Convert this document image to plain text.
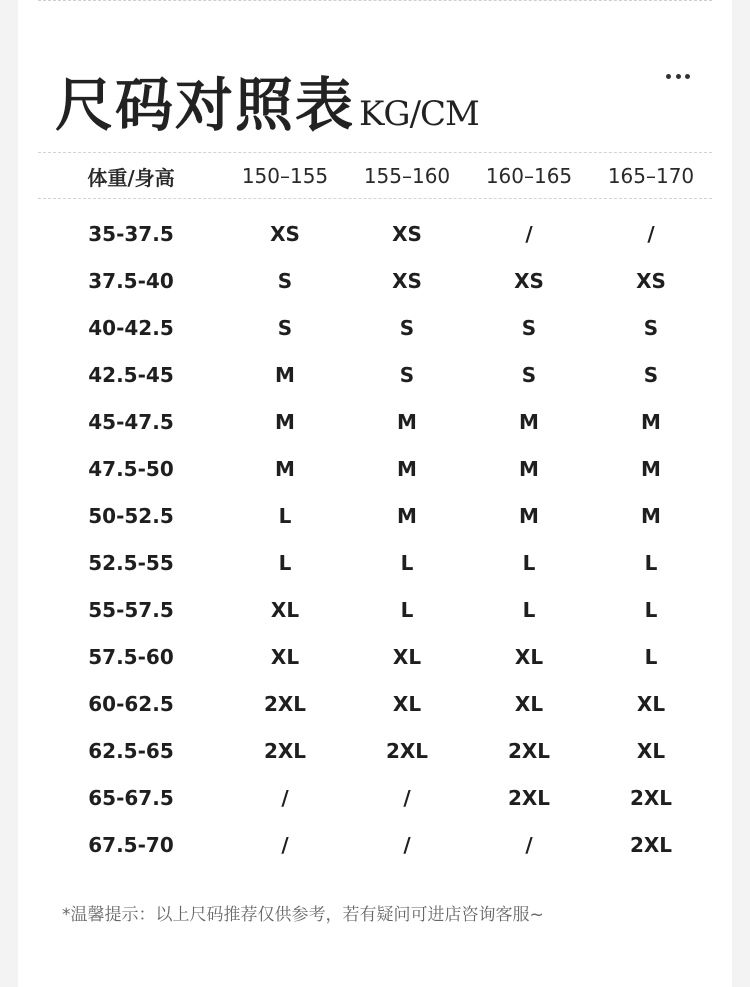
尺码对照表 KG/CM
体重/身高	150–155	155–160	160–165	165–170
35-37.5	XS	XS	/	/
37.5-40	S	XS	XS	XS
40-42.5	S	S	S	S
42.5-45	M	S	S	S
45-47.5	M	M	M	M
47.5-50	M	M	M	M
50-52.5	L	M	M	M
52.5-55	L	L	L	L
55-57.5	XL	L	L	L
57.5-60	XL	XL	XL	L
60-62.5	2XL	XL	XL	XL
62.5-65	2XL	2XL	2XL	XL
65-67.5	/	/	2XL	2XL
67.5-70	/	/	/	2XL
*温馨提示：以上尺码推荐仅供参考，若有疑问可进店咨询客服~
